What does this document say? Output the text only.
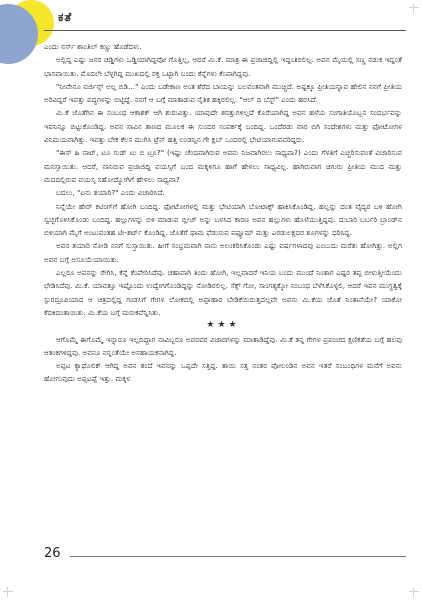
ಕತೆ

ಎಂದು ನರ್ಸ್ ಶಾಂತಿಲ್ ಕಣ್ಣು ಹೊಡೆದಳು.

ಅಲ್ಲಿದ್ದ ಎಷ್ಟು ಜನರ ಚಿಡ್ಡಿಗಳು ಒಡ್ಡಿಯಾಗಿದ್ದವೋ ಗೊತ್ತಿಲ್ಲ, ಆದರೆ ಮಿ.ಕೆ. ಮಾತ್ರ ಈ ಪ್ರಜಾಜಿದ್ದಿಲ್ಲಿ ಇದ್ದಂತಿರಲಿಲ್ಲ. ಅವನ ಮೈಯಲ್ಲಿ ಸಣ್ಣ ನಡುಕ ಇದ್ದಂತೆ ಭಾಸವಾಯಿತು. ಮೊದಲೇ ಬೆಳ್ಳಗಿದ್ದ ಮುಖದಲ್ಲಿ ರಕ್ತ ಒಟ್ಟಾಗಿ ಬಂದು ಕೆನ್ನೆಗಳು ಕೆಂಪಾಗಿದ್ದವು.

"ನೀವೇನೂ ವರ್ಜಿನ್ಸ್ ಅಲ್ಲ ಬಿಡಿ…" ಎಂದು ಬಡೇಕಾಣ ಅಂತ ಶೆರೆದ ಬಾಯನ್ನು ಬಲವಂತವಾಗಿ ಮುಚ್ಚಿದೆ. ಅಷ್ಟಕ್ಕೂ ಪ್ರೀತಿಯನ್ನಾವ ಹೇಲಿನ ನನಗೆ ಪ್ರೀತಿಯ ಅರಿವಿದ್ದರೆ ಇವತ್ತು ಪದ್ಧಗಳನ್ನು ಬಿಟ್ಟಿದ್ದೆ. ನನಗೆ ಆ ಬಗ್ಗೆ ಮಾತಾಡುವ ನೈತಿಕ ಹಕ್ಕಿರಲಿಲ್ಲ. "ಆಲ್ ದಿ ಬೆಸ್ಟ್" ಎಂದು ಹರಸಿದೆ.

ಮಿ.ಕೆ ಜೊತೆಗಿನ ಈ ಸಂಬಂಧ ಆಕಾಶಕ್ ಆಗಿ ಶುರುವಿತ್ತು. ಯಾವುದೇ ಶರತ್ತುಗಳಿಲ್ಲದೆ ಕೊರೆಯಾಗಿದ್ದ ಅವನ ಹಳೆಯ ಸಂಗಾತಿಯೊಬ್ಬನ ಸಂದರ್ಭವನ್ನು ಇವನಿನ್ನೂ ಬಿಟ್ಟುಕೊಂಡಿದ್ದ. ಅವನ ಸಾವಿನ ತಾಣದ ಮೂಲಕ ಈ ಸುಂದರ ಸಂಪರ್ಕಕ್ಕೆ ಬಂದಿದ್ದ. ಒಂದೆರಡು ವಾರ ಬಿಗಿ ಸಂದೇಶಗಳು ಮತ್ತು ಫೋಟೋಗಳ ವಿನಿಮಯವಾಗಿತ್ತು. ಇವತ್ತು ಬೇಕ ಕೆಲಸ ಮುಗಿಸಿ ಟ್ರೆನ್ ಹತ್ತಿ ಲಂಡನ್ನಿನ ಗೇ ಕ್ಲಬ್ ಒಂದರಲ್ಲಿ ಭೇಟಿಯಾಗುವವರಿದ್ದರು.

"ಈಸ್ ಹಿ ನಾಟ್, ಟೂ ಗುಡ್ ಟು ಬಿ ಟ್ರೂ?" (ಇಷ್ಟು ಚೆಂದವಾಗಿರುವ ಅವನು ನಿಜವಾಗಿರಲು ಸಾಧ್ಯವಾ?) ಎಂದು ಗೆಳತಿಗೆ ಎಚ್ಚರಿಸುವಂತೆ ವಿಚಾರಿಸುವ ಮನಸ್ಸಾಯಿತು. ಆದರೆ, ನಾನಿರುವ ಪ್ರಜಾಜಿದ್ದಿ ವಯಸ್ಸಿಗೆ ಬಂದ ಮಕ್ಕಳಿಗೂ ಹಾಗೆ ಹೇಳಲು ಸಾಧ್ಯವಿಲ್ಲ. ಹಾಗಿರುವಾಗ ಚಿಗುರು ಪ್ರೀತಿಯ ಮುದ ಮತ್ತು ಮದದಲ್ಲಿರುವ ವಯಸ್ಕ ಸಹೋದ್ಯೋಗಿಗೆ ಹೇಳಲು ಸಾಧ್ಯವಾ?

ಬದಲು, "ಏನು ತಯಾರಿ?" ಎಂದು ವಿಚಾರಿಸಿದೆ.

ನಿನ್ನೆಯೇ ಹೇರ್ ಕಟಿಂಗ್‌ಗೆ ಹೋಗಿ ಬಂದಿದ್ದ. ಫೋಟೋಗಳಲ್ಲಿ ಮತ್ತು ಭೇಟಿಯಾಗಿ ಬೋಟಾಕ್ಸ್ ಹಾಕಿಸಿಕೊಂಡಿದ್ದ. ಹಲ್ಲನ್ನು ದಂತ ವೈದ್ಯರ ಬಳಿ ಹೋಗಿ ಸ್ವಚ್ಛಗೊಳಿಸಿಕೊಂಡು ಬಂದಿದ್ದ. ಹಲ್ಲುಗಳನ್ನು ಬಿಳಿ ಮಾಡುವ ಬ್ಲೀಚ್ ಅನ್ನು ಬಳಸಿದ ಕಾರಣ ಅವನ ಹಲ್ಲುಗಳು ಹೊಳೆಯುತ್ತಿದ್ದವು. ದುಬಾರಿ ಬರ್ಬರಿ ಬ್ರಾಂಡ್‌ನ ಬಿಳಿಯಾಗಿ ಮೈಗೆ ಅಂಟುವಂತಹ ಟೀ-ಶರ್ಟ್ ಕೊಂಡಿದ್ದ. ಜೊತೆಗೆ ಥಾಮ ಫೆಡುಸುವ ಪಫ್ಯೂಮ್ ಮತ್ತು ಎರಡುಲಕ್ಷದರ ಶೂಗಳನ್ನು ಧರಿಸಿದ್ದ.

ಅವನ ತಯಾರಿ ನೋಡಿ ನನಗೆ ಸುಸ್ತಾಯಿತು. ಹೀಗೆ ಸಂಭ್ರಮವಾಗಿ ನಾನು ಅಲಂಕರಿಸಿಕೊಂಡು ಎಷ್ಟು ವರ್ಷಗಳಾದವು ಎಂಬುದು ಮರೆತು ಹೋಗಿತ್ತು. ಅಲ್ಲಿಗ ಅವನ ಬಗ್ಗೆ ಅಸೂಯೆಯಾಯಿತು.

ಎಲ್ಲರೂ ಅವನನ್ನು ರೇಗಿಸಿ, ಕೆನ್ನೆ ಕೆಂಪೇರಿಸಿದೆವು. ಚಹಾವಾಗಿ ತಿಂದು ಹೋಗಿ, ಇಲ್ಲವಾದರೆ ಇನಿಯ ಬಂದು ಮುಂದೆ ನಿಂತಾಗ ಎಷ್ಟರ ತಪ್ಪ ಬೀಳುತ್ತೀಯೆಂದು ಛೇಡಿಸಿದೆವು. ಮಿ.ಕೆ. ಯಾವತ್ತೂ ಇಷ್ಟೊಂದು ಉದ್ವೇಗಗೊಂಡಿದ್ದನ್ನು ನೋಡಿರಲಿಲ್ಲ. ಸೆಕ್ಸ್ ಗೋ, ಸಾಂಗತ್ಯಕ್ಕೋ ಸಂಬಂಧ ಬೆಳೆಸಿಕೊಳ್ಳಲಿ, ಆದರೆ ಇವನ ಮುಗ್ಧತ್ವಕ್ಕೆ ಸ್ಪುರದ್ರೂಪಿಯಾದ ಆ ಚಿತ್ರದಲ್ಲಿದ್ದ ಗಂಡಸಿಗೆ ಗೇಗಳ ಲೋಕದಲ್ಲಿ ಅಪ್ಪಾಹಾರ ಬೇಡಿಕೆಯಿರುತ್ತದಲ್ಲವೇ ಅವನು ಮಿ.ಕೆಯ ಜೊತೆ ನಿಂತಾನೆಯೇ? ಯಾಕೋ ಕೆದಕಿದಂತಾಯಿತು. ಮಿ.ಕೆಯ ಬಗ್ಗೆ ಮರುಕವೆನ್ನಿಸಿತು.

★★★

ಆಗೊಮ್ಮೆ ಈಗೊಮ್ಮೆ ಇನ್ನಾರೂ ಇಲ್ಲದಿದ್ದಾಗ ನಾವಿಬ್ಬರೂ ಅವರವರ ವಿಚಾರಗಳನ್ನು ಮಾತಾಡಿದ್ದೆವು. ಮಿ.ಕೆ ತನ್ನ ಗೇಗಳ ಪ್ರಪಂಚದ ಕ್ಷಣಿಕತೆಯ ಬಗ್ಗೆ ಹಲವು ಆತಂಕಗಳಿದ್ದವು. ಅವನೂ ನನ್ನಂತೆಯೇ ಅಸಹಾಯಕನಾಗಿದ್ದ.

ಅಪ್ಪಟ ಕ್ಯಾಥೊಲಿಕ್ ಆಗಿದ್ದ ಅವನ ತಂದೆ ಇವನನ್ನು ಒಪ್ಪದೇ ಸತ್ತಿದ್ದ. ತಾಯಿ ಸತ್ತ ನಂತರ ಪೋಲಂಡಿನ ಅವನ ಇತರೆ ಸಂಬಂಧಿಗಳ ಮನೆಗೆ ಅವನು ಹೋಗುವುದು ಅಪ್ಪಟಪ್ಪೆ ಇತ್ತು. ಮಕ್ಕಳ

26
